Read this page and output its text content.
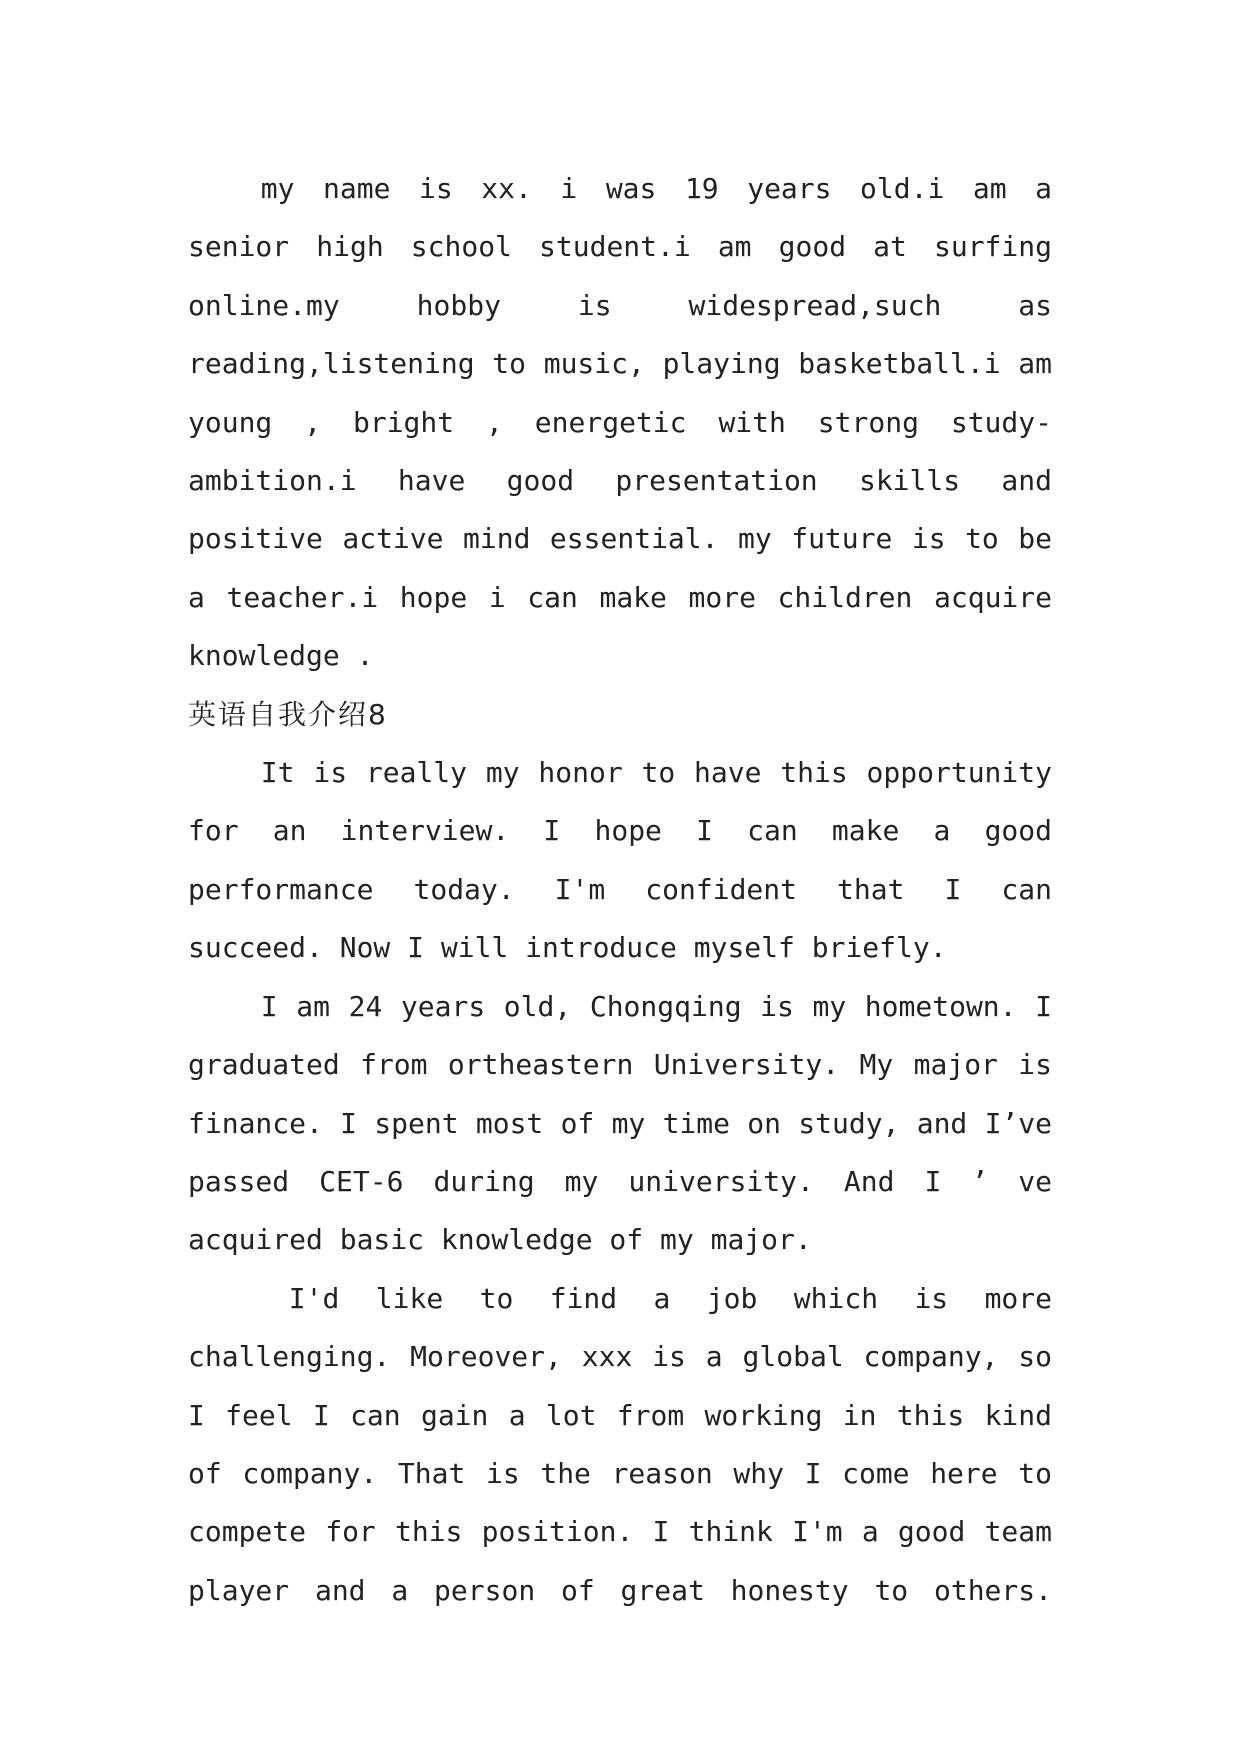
my name is xx. i was 19 years old.i am a senior high school student.i am good at surfing online.my hobby is widespread,such as reading,listening to music, playing basketball.i am young , bright , energetic with strong study-ambition.i have good presentation skills and positive active mind essential. my future is to be a teacher.i hope i can make more children acquire knowledge .

英语自我介绍8

It is really my honor to have this opportunity for an interview. I hope I can make a good performance today. I'm confident that I can succeed. Now I will introduce myself briefly.

I am 24 years old, Chongqing is my hometown. I graduated from ortheastern University. My major is finance. I spent most of my time on study, and I’ve passed CET-6 during my university. And I ’ ve acquired basic knowledge of my major.

I'd like to find a job which is more challenging. Moreover, xxx is a global company, so I feel I can gain a lot from working in this kind of company. That is the reason why I come here to compete for this position. I think I'm a good team player and a person of great honesty to others.
